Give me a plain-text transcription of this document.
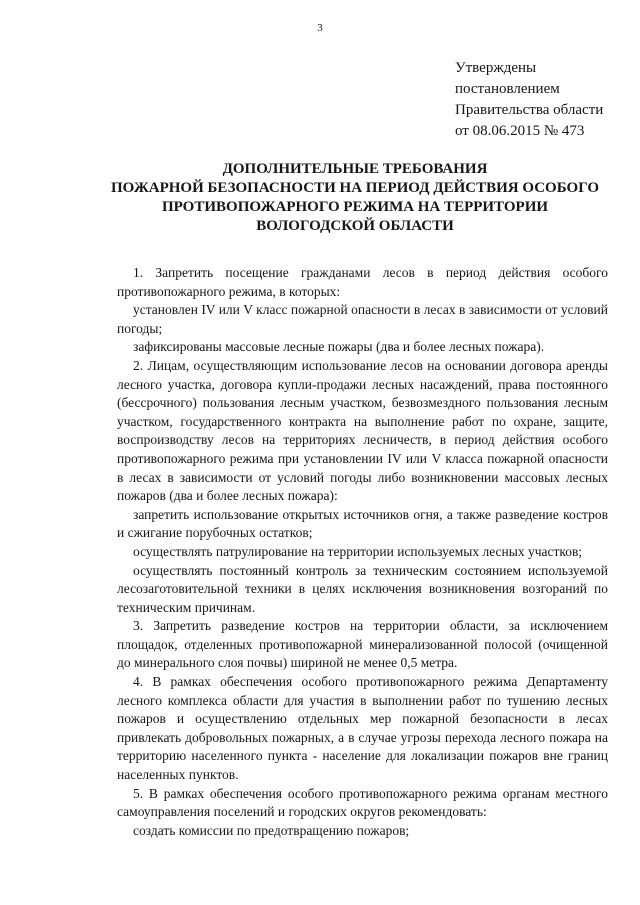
3
Утверждены
постановлением
Правительства области
от 08.06.2015 № 473
ДОПОЛНИТЕЛЬНЫЕ ТРЕБОВАНИЯ
ПОЖАРНОЙ БЕЗОПАСНОСТИ НА ПЕРИОД ДЕЙСТВИЯ ОСОБОГО
ПРОТИВОПОЖАРНОГО РЕЖИМА НА ТЕРРИТОРИИ
ВОЛОГОДСКОЙ ОБЛАСТИ

1. Запретить посещение гражданами лесов в период действия особого противопожарного режима, в которых:

установлен IV или V класс пожарной опасности в лесах в зависимости от условий погоды;

зафиксированы массовые лесные пожары (два и более лесных пожара).

2. Лицам, осуществляющим использование лесов на основании договора аренды лесного участка, договора купли-продажи лесных насаждений, права постоянного (бессрочного) пользования лесным участком, безвозмездного пользования лесным участком, государственного контракта на выполнение работ по охране, защите, воспроизводству лесов на территориях лесничеств, в период действия особого противопожарного режима при установлении IV или V класса пожарной опасности в лесах в зависимости от условий погоды либо возникновении массовых лесных пожаров (два и более лесных пожара):

запретить использование открытых источников огня, а также разведение костров и сжигание порубочных остатков;

осуществлять патрулирование на территории используемых лесных участков;

осуществлять постоянный контроль за техническим состоянием используемой лесозаготовительной техники в целях исключения возникновения возгораний по техническим причинам.

3. Запретить разведение костров на территории области, за исключением площадок, отделенных противопожарной минерализованной полосой (очищенной до минерального слоя почвы) шириной не менее 0,5 метра.

4. В рамках обеспечения особого противопожарного режима Департаменту лесного комплекса области для участия в выполнении работ по тушению лесных пожаров и осуществлению отдельных мер пожарной безопасности в лесах привлекать добровольных пожарных, а в случае угрозы перехода лесного пожара на территорию населенного пункта - население для локализации пожаров вне границ населенных пунктов.

5. В рамках обеспечения особого противопожарного режима органам местного самоуправления поселений и городских округов рекомендовать:

создать комиссии по предотвращению пожаров;
